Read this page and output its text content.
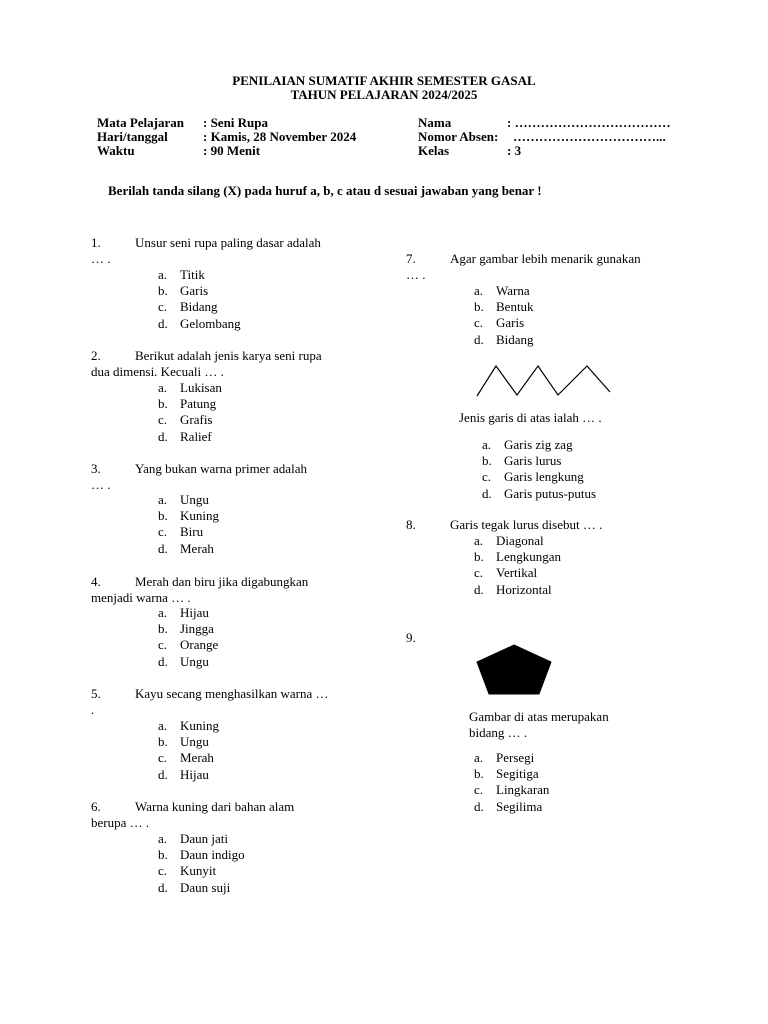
PENILAIAN SUMATIF AKHIR SEMESTER GASAL
TAHUN PELAJARAN 2024/2025
Mata Pelajaran : Seni Rupa
Hari/tanggal	: Kamis, 28 November 2024
Waktu	: 90 Menit
Nama	: ………………………………
Nomor Absen: ……………………………...
Kelas	: 3
Berilah tanda silang (X) pada huruf a, b, c atau d sesuai jawaban yang benar !
1.	Unsur seni rupa paling dasar adalah
… .
a. Titik
b. Garis
c. Bidang
d. Gelombang
2.	Berikut adalah jenis karya seni rupa
dua dimensi. Kecuali … .
a. Lukisan
b. Patung
c. Grafis
d. Ralief
3.	Yang bukan warna primer adalah
… .
a. Ungu
b. Kuning
c. Biru
d. Merah
4.	Merah dan biru jika digabungkan
menjadi warna … .
a. Hijau
b. Jingga
c. Orange
d. Ungu
5.	Kayu secang menghasilkan warna …
.
a. Kuning
b. Ungu
c. Merah
d. Hijau
6.	Warna kuning dari bahan alam
berupa … .
a. Daun jati
b. Daun indigo
c. Kunyit
d. Daun suji
7.	Agar gambar lebih menarik gunakan
… .
a. Warna
b. Bentuk
c. Garis
d. Bidang
Jenis garis di atas ialah … .
a. Garis zig zag
b. Garis lurus
c. Garis lengkung
d. Garis putus-putus
8.	Garis tegak lurus disebut … .
a. Diagonal
b. Lengkungan
c. Vertikal
d. Horizontal
9.
Gambar di atas merupakan
bidang … .
a. Persegi
b. Segitiga
c. Lingkaran
d. Segilima
